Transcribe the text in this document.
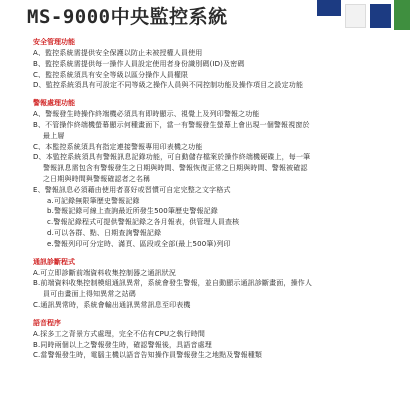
MS-9000中央監控系統
安全管理功能
A、監控系統需提供安全保護以防止未被授權人員使用
B、監控系統需提供每一操作人員設定使用者身份識別碼(ID)及密碼
C、監控系統須具有安全等級以區分操作人員權限
D、監控系統須具有可設定不同等級之操作人員與不同控制功能及操作項目之設定功能
警報處理功能
A、警報發生時操作終端機必須具有即時顯示、視覺上及列印警報之功能
B、不管操作終端機螢幕顯示何種畫面下，當一有警報發生螢幕上會出現一個警報視窗於
最上層
C、本監控系統須具有指定連接警報專用印表機之功能
D、本監控系統須具有警報訊息記錄功能，可自動儲存檔案於操作終端機硬碟上，每一筆
警報訊息需包含有警報發生之日期與時間、警報恢復正常之日期與時間、警報被確認
之日期與時間與警報確認者之名稱
E、警報訊息必須藉由使用者喜好或習慣可自定完整之文字格式
a.可記錄無限筆歷史警報記錄
b.警報記錄可線上查詢最近所發生500筆歷史警報記錄
c.警報記錄程式可提供警報記錄之各月報表，供管理人員查核
d.可以各群、點、日期查詢警報記錄
e.警報列印可分定時、滿頁、區段或全部(最上500筆)列印
通訊診斷程式
A.可立即診斷前端資料收集控制器之通訊狀況
B.前端資料收集控制模組通訊異常，系統會發生警報，並自動顯示通訊診斷畫面，操作人
員可由畫面上得知異常之站碼
C.通訊異常時，系統會輸出通訊異常訊息至印表機
語音程序
A.採多工之背景方式處理，完全不佔有CPU之執行時間
B.同時兩個以上之警報發生時，確認警報後，具語音處理
C.當警報發生時，電腦主機以語音告知操作員警報發生之地點及警報種類
